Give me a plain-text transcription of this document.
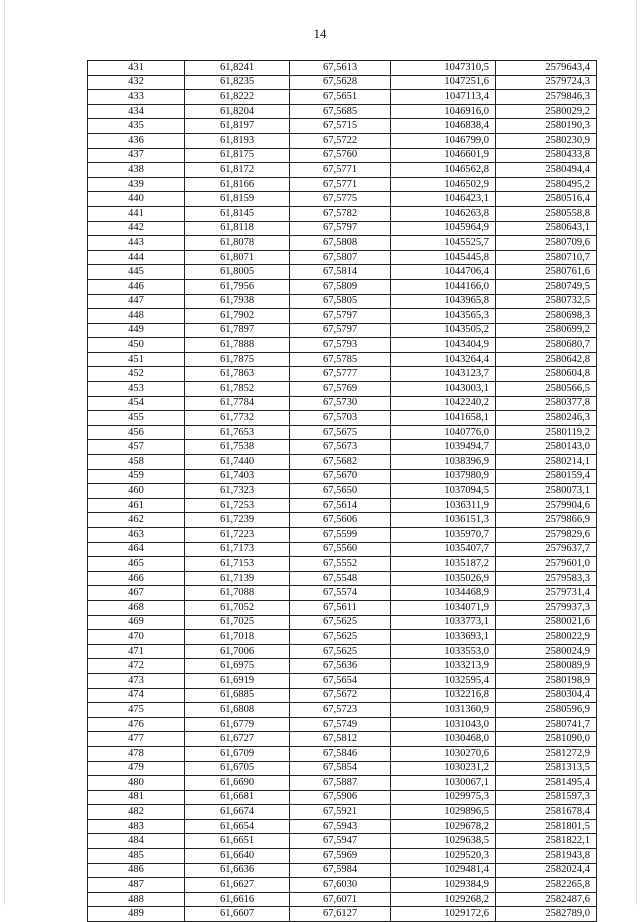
14
431	61,8241	67,5613	1047310,5	2579643,4
432	61,8235	67,5628	1047251,6	2579724,3
433	61,8222	67,5651	1047113,4	2579846,3
434	61,8204	67,5685	1046916,0	2580029,2
435	61,8197	67,5715	1046838,4	2580190,3
436	61,8193	67,5722	1046799,0	2580230,9
437	61,8175	67,5760	1046601,9	2580433,8
438	61,8172	67,5771	1046562,8	2580494,4
439	61,8166	67,5771	1046502,9	2580495,2
440	61,8159	67,5775	1046423,1	2580516,4
441	61,8145	67,5782	1046263,8	2580558,8
442	61,8118	67,5797	1045964,9	2580643,1
443	61,8078	67,5808	1045525,7	2580709,6
444	61,8071	67,5807	1045445,8	2580710,7
445	61,8005	67,5814	1044706,4	2580761,6
446	61,7956	67,5809	1044166,0	2580749,5
447	61,7938	67,5805	1043965,8	2580732,5
448	61,7902	67,5797	1043565,3	2580698,3
449	61,7897	67,5797	1043505,2	2580699,2
450	61,7888	67,5793	1043404,9	2580680,7
451	61,7875	67,5785	1043264,4	2580642,8
452	61,7863	67,5777	1043123,7	2580604,8
453	61,7852	67,5769	1043003,1	2580566,5
454	61,7784	67,5730	1042240,2	2580377,8
455	61,7732	67,5703	1041658,1	2580246,3
456	61,7653	67,5675	1040776,0	2580119,2
457	61,7538	67,5673	1039494,7	2580143,0
458	61,7440	67,5682	1038396,9	2580214,1
459	61,7403	67,5670	1037980,9	2580159,4
460	61,7323	67,5650	1037094,5	2580073,1
461	61,7253	67,5614	1036311,9	2579904,6
462	61,7239	67,5606	1036151,3	2579866,9
463	61,7223	67,5599	1035970,7	2579829,6
464	61,7173	67,5560	1035407,7	2579637,7
465	61,7153	67,5552	1035187,2	2579601,0
466	61,7139	67,5548	1035026,9	2579583,3
467	61,7088	67,5574	1034468,9	2579731,4
468	61,7052	67,5611	1034071,9	2579937,3
469	61,7025	67,5625	1033773,1	2580021,6
470	61,7018	67,5625	1033693,1	2580022,9
471	61,7006	67,5625	1033553,0	2580024,9
472	61,6975	67,5636	1033213,9	2580089,9
473	61,6919	67,5654	1032595,4	2580198,9
474	61,6885	67,5672	1032216,8	2580304,4
475	61,6808	67,5723	1031360,9	2580596,9
476	61,6779	67,5749	1031043,0	2580741,7
477	61,6727	67,5812	1030468,0	2581090,0
478	61,6709	67,5846	1030270,6	2581272,9
479	61,6705	67,5854	1030231,2	2581313,5
480	61,6690	67,5887	1030067,1	2581495,4
481	61,6681	67,5906	1029975,3	2581597,3
482	61,6674	67,5921	1029896,5	2581678,4
483	61,6654	67,5943	1029678,2	2581801,5
484	61,6651	67,5947	1029638,5	2581822,1
485	61,6640	67,5969	1029520,3	2581943,8
486	61,6636	67,5984	1029481,4	2582024,4
487	61,6627	67,6030	1029384,9	2582265,8
488	61,6616	67,6071	1029268,2	2582487,6
489	61,6607	67,6127	1029172,6	2582789,0
